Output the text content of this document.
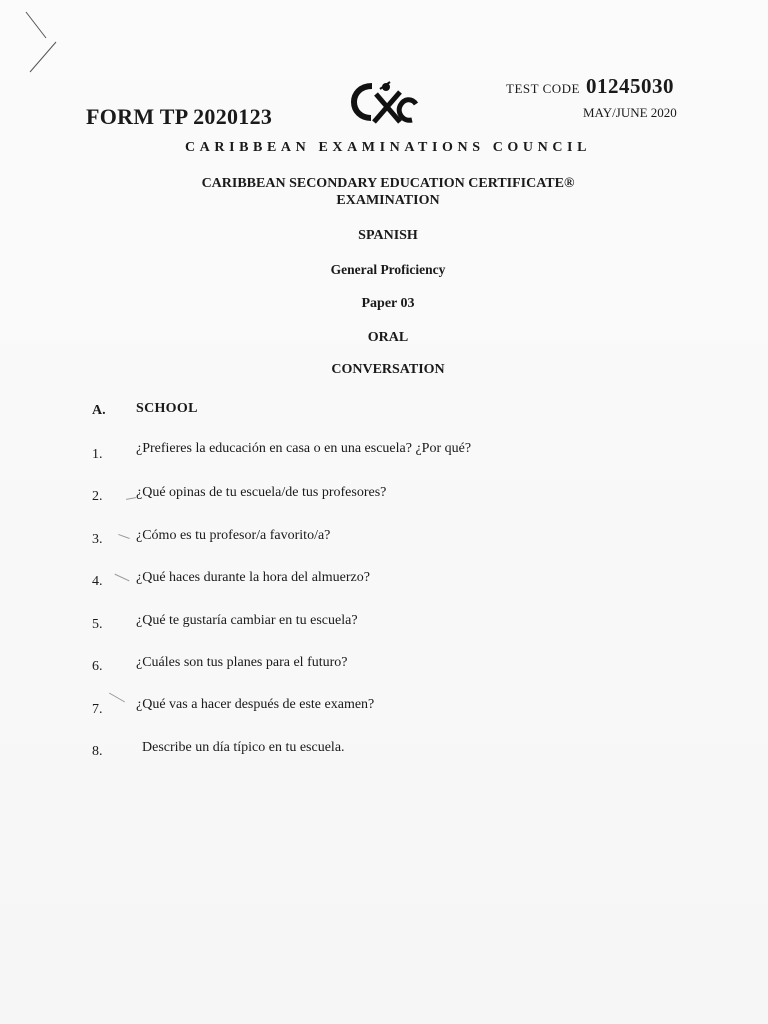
FORM TP 2020123
TEST CODE 01245030
MAY/JUNE 2020
CARIBBEAN EXAMINATIONS COUNCIL
CARIBBEAN SECONDARY EDUCATION CERTIFICATE®
EXAMINATION
SPANISH
General Proficiency
Paper 03
ORAL
CONVERSATION
A. SCHOOL
1. ¿Prefieres la educación en casa o en una escuela? ¿Por qué?
2. ¿Qué opinas de tu escuela/de tus profesores?
3. ¿Cómo es tu profesor/a favorito/a?
4. ¿Qué haces durante la hora del almuerzo?
5. ¿Qué te gustaría cambiar en tu escuela?
6. ¿Cuáles son tus planes para el futuro?
7. ¿Qué vas a hacer después de este examen?
8.	Describe un día típico en tu escuela.
